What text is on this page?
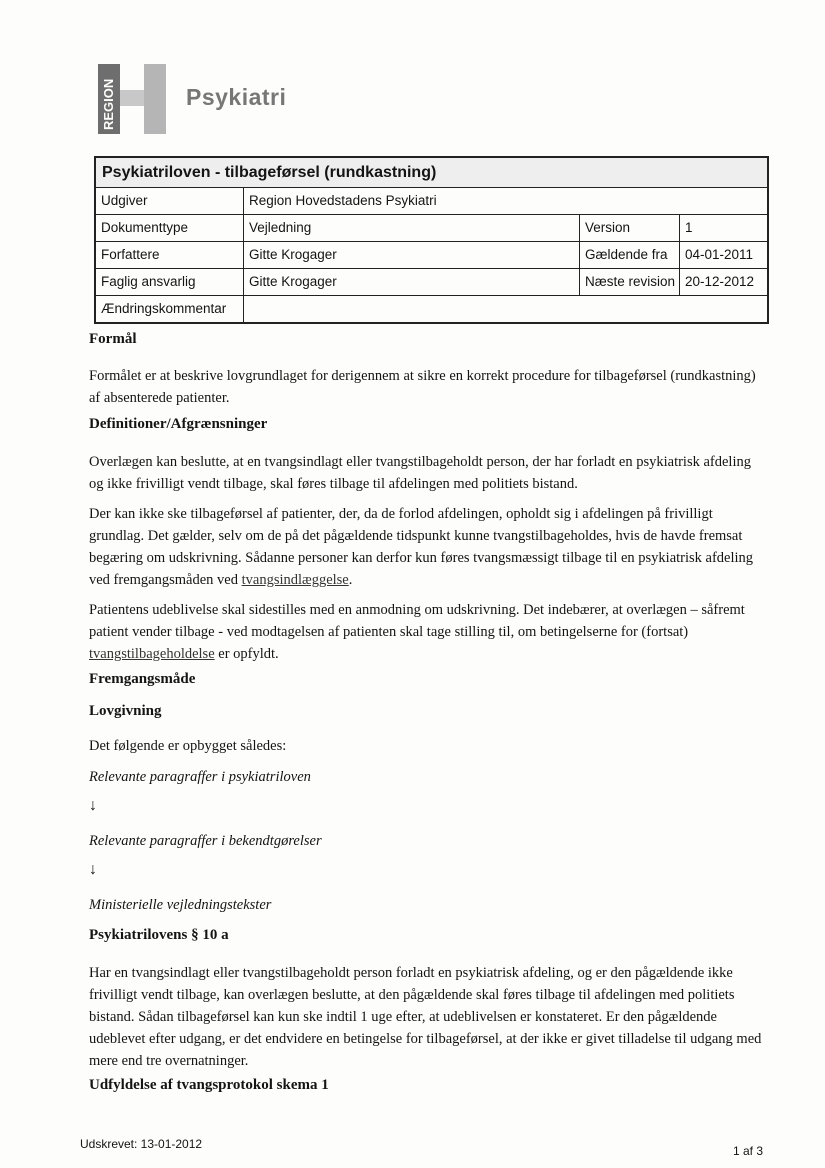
REGION	Psykiatri
Psykiatriloven - tilbageførsel (rundkastning)
Udgiver	Region Hovedstadens Psykiatri
Dokumenttype	Vejledning	Version	1
Forfattere	Gitte Krogager	Gældende fra	04-01-2011
Faglig ansvarlig	Gitte Krogager	Næste revision 20-12-2012
Ændringskommentar
Formål
Formålet er at beskrive lovgrundlaget for derigennem at sikre en korrekt procedure for tilbageførsel (rundkastning) af absenterede patienter.
Definitioner/Afgrænsninger
Overlægen kan beslutte, at en tvangsindlagt eller tvangstilbageholdt person, der har forladt en psykiatrisk afdeling og ikke frivilligt vendt tilbage, skal føres tilbage til afdelingen med politiets bistand.
Der kan ikke ske tilbageførsel af patienter, der, da de forlod afdelingen, opholdt sig i afdelingen på frivilligt grundlag. Det gælder, selv om de på det pågældende tidspunkt kunne tvangstilbageholdes, hvis de havde fremsat begæring om udskrivning. Sådanne personer kan derfor kun føres tvangsmæssigt tilbage til en psykiatrisk afdeling ved fremgangsmåden ved tvangsindlæggelse.
Patientens udeblivelse skal sidestilles med en anmodning om udskrivning. Det indebærer, at overlægen – såfremt patient vender tilbage - ved modtagelsen af patienten skal tage stilling til, om betingelserne for (fortsat) tvangstilbageholdelse er opfyldt.
Fremgangsmåde
Lovgivning
Det følgende er opbygget således:
Relevante paragraffer i psykiatriloven
↓
Relevante paragraffer i bekendtgørelser
↓
Ministerielle vejledningstekster
Psykiatrilovens § 10 a
Har en tvangsindlagt eller tvangstilbageholdt person forladt en psykiatrisk afdeling, og er den pågældende ikke frivilligt vendt tilbage, kan overlægen beslutte, at den pågældende skal føres tilbage til afdelingen med politiets bistand. Sådan tilbageførsel kan kun ske indtil 1 uge efter, at udeblivelsen er konstateret. Er den pågældende udeblevet efter udgang, er det endvidere en betingelse for tilbageførsel, at der ikke er givet tilladelse til udgang med mere end tre overnatninger.
Udfyldelse af tvangsprotokol skema 1
Udskrevet: 13-01-2012	1 af 3
